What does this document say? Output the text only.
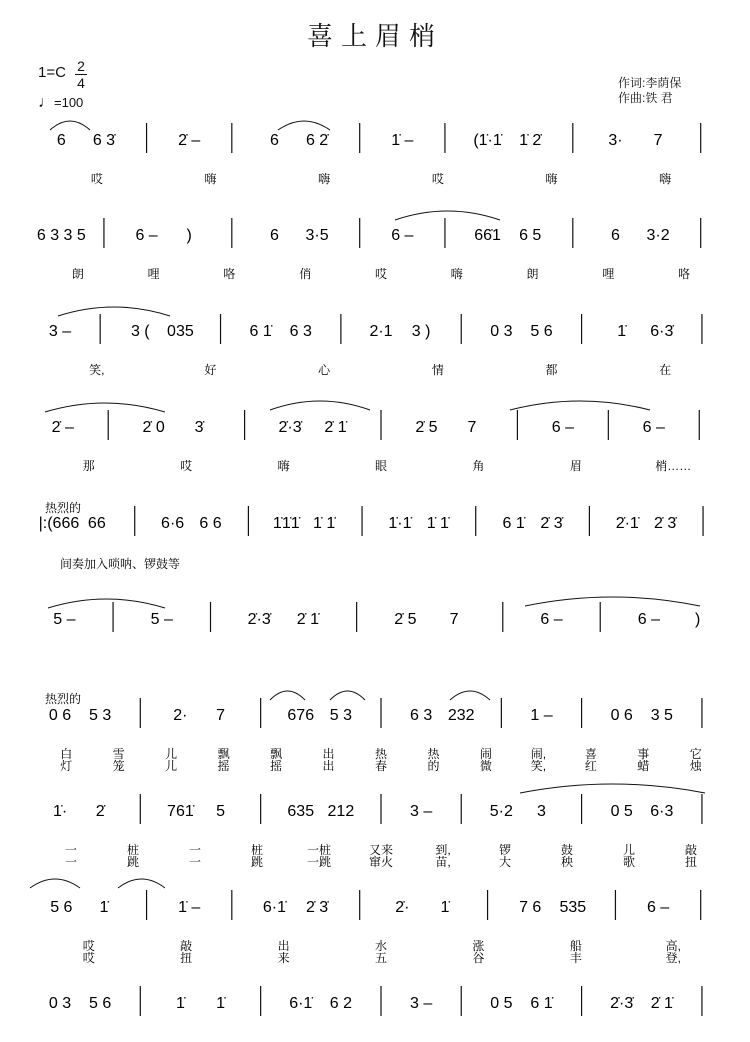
喜上眉梢
1=C 2
4
♩=100
作词:李荫保
作曲:铁 君
6 6 3̇	2̇ –	6 6 2̇	1̇ –	(1̇·1̇ 1̇ 2̇	3· 7
哎	嗨	嗨	哎	嗨	嗨
6 3 3 5	6 – )	6 3·5	6 –	66̇1 6 5	6 3·2
朗	哩	咯	俏	哎	嗨	朗	哩	咯
3 –	3 ( 035	6 1̇ 6 3	2·1 3 )	0 3 5 6	1̇ 6·3̇
笑,	好	心	情	都	在
2̇ –	2̇ 0 3̇	2̇·3̇ 2̇ 1̇	2̇ 5 7	6 –	6 –
那	哎	嗨	眼	角	眉	梢……
|:(666 66	6·6 6 6	1̇1̇1̇ 1̇ 1̇	1̇·1̇ 1̇ 1̇	6 1̇ 2̇ 3̇	2̇·1̇ 2̇ 3̇
5 –	5 –	2̇·3̇ 2̇ 1̇	2̇ 5 7	6 –	6 – )
0 6 5 3	2· 7	676 5 3	6 3 232	1 –	0 6 3 5
白	雪	儿	飘	飘	出	热	热	闹	闹,	喜	事	它
灯	笼	儿	摇	摇	出	春	的	微	笑,	红	蜡	烛
1̇· 2̇	761̇ 5	635 212	3 –	5·2 3	0 5 6·3
一	桩	一	桩	一桩	又来	到,	锣	鼓	儿	敲
一	跳	一	跳	一跳	窜火	苗,	大	秧	歌	扭
5 6 1̇	1̇ –	6·1̇ 2̇ 3̇	2̇· 1̇	7 6 535	6 –
哎	敲	出	水	涨	船	高,
哎	扭	来	五	谷	丰	登,
0 3 5 6	1̇ 1̇	6·1̇ 6 2	3 –	0 5 6 1̇	2̇·3̇ 2̇ 1̇
热烈的
间奏加入唢呐、锣鼓等
热烈的
